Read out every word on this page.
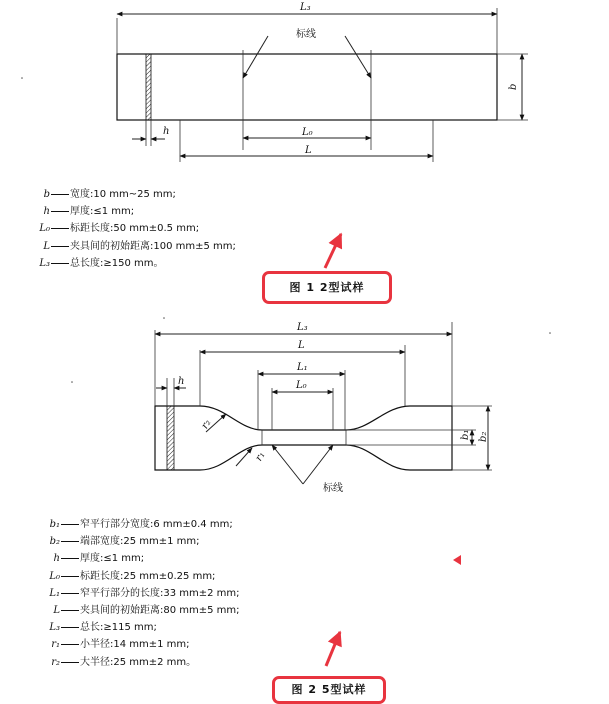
L₃
标线
b
L₀
h
L
L₃
L
L₁
L₀
h
r₂
r₁
b₁ b₂
标线
b 宽度:10 mm~25 mm;
h 厚度:≤1 mm;
L₀ 标距长度:50 mm±0.5 mm;
L 夹具间的初始距离:100 mm±5 mm;
L₃ 总长度:≥150 mm。
图 1 2型试样
b₁ 窄平行部分宽度:6 mm±0.4 mm;
b₂ 端部宽度:25 mm±1 mm;
h 厚度:≤1 mm;
L₀ 标距长度:25 mm±0.25 mm;
L₁ 窄平行部分的长度:33 mm±2 mm;
L 夹具间的初始距离:80 mm±5 mm;
L₃ 总长:≥115 mm;
r₁ 小半径:14 mm±1 mm;
r₂ 大半径:25 mm±2 mm。
图 2 5型试样
